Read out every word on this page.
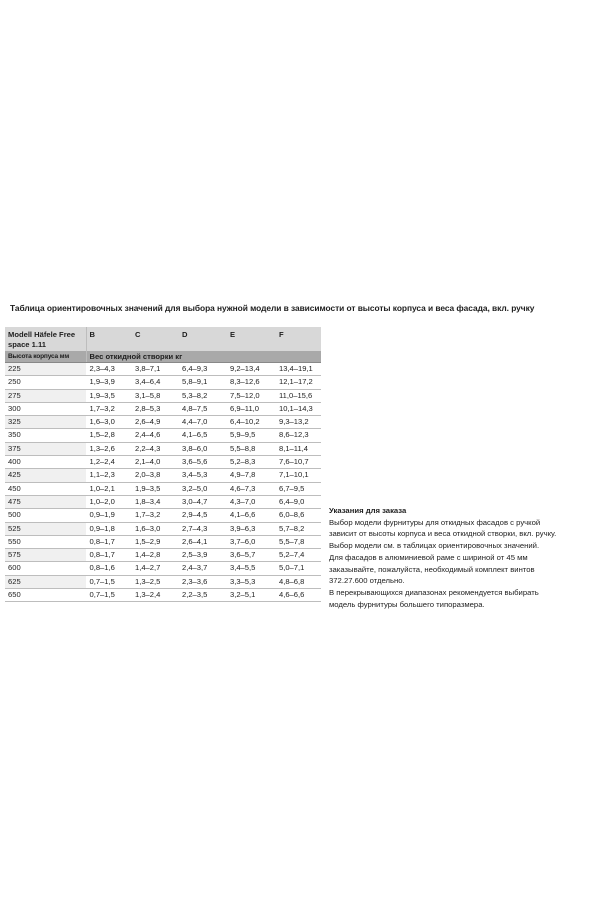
Таблица ориентировочных значений для выбора нужной модели в зависимости от высоты корпуса и веса фасада, вкл. ручку
Modell Häfele Free space 1.11	B	C	D	E	F
Высота корпуса мм	Вес откидной створки кг				
225	2,3–4,3	3,8–7,1	6,4–9,3	9,2–13,4	13,4–19,1
250	1,9–3,9	3,4–6,4	5,8–9,1	8,3–12,6	12,1–17,2
275	1,9–3,5	3,1–5,8	5,3–8,2	7,5–12,0	11,0–15,6
300	1,7–3,2	2,8–5,3	4,8–7,5	6,9–11,0	10,1–14,3
325	1,6–3,0	2,6–4,9	4,4–7,0	6,4–10,2	9,3–13,2
350	1,5–2,8	2,4–4,6	4,1–6,5	5,9–9,5	8,6–12,3
375	1,3–2,6	2,2–4,3	3,8–6,0	5,5–8,8	8,1–11,4
400	1,2–2,4	2,1–4,0	3,6–5,6	5,2–8,3	7,6–10,7
425	1,1–2,3	2,0–3,8	3,4–5,3	4,9–7,8	7,1–10,1
450	1,0–2,1	1,9–3,5	3,2–5,0	4,6–7,3	6,7–9,5
475	1,0–2,0	1,8–3,4	3,0–4,7	4,3–7,0	6,4–9,0
500	0,9–1,9	1,7–3,2	2,9–4,5	4,1–6,6	6,0–8,6
525	0,9–1,8	1,6–3,0	2,7–4,3	3,9–6,3	5,7–8,2
550	0,8–1,7	1,5–2,9	2,6–4,1	3,7–6,0	5,5–7,8
575	0,8–1,7	1,4–2,8	2,5–3,9	3,6–5,7	5,2–7,4
600	0,8–1,6	1,4–2,7	2,4–3,7	3,4–5,5	5,0–7,1
625	0,7–1,5	1,3–2,5	2,3–3,6	3,3–5,3	4,8–6,8
650	0,7–1,5	1,3–2,4	2,2–3,5	3,2–5,1	4,6–6,6

Указания для заказа

Выбор модели фурнитуры для откидных фасадов с ручкой

зависит от высоты корпуса и веса откидной створки, вкл. ручку.

Выбор модели см. в таблицах ориентировочных значений.

Для фасадов в алюминиевой раме с шириной от 45 мм

заказывайте, пожалуйста, необходимый комплект винтов

372.27.600 отдельно.

В перекрывающихся диапазонах рекомендуется выбирать

модель фурнитуры большего типоразмера.
